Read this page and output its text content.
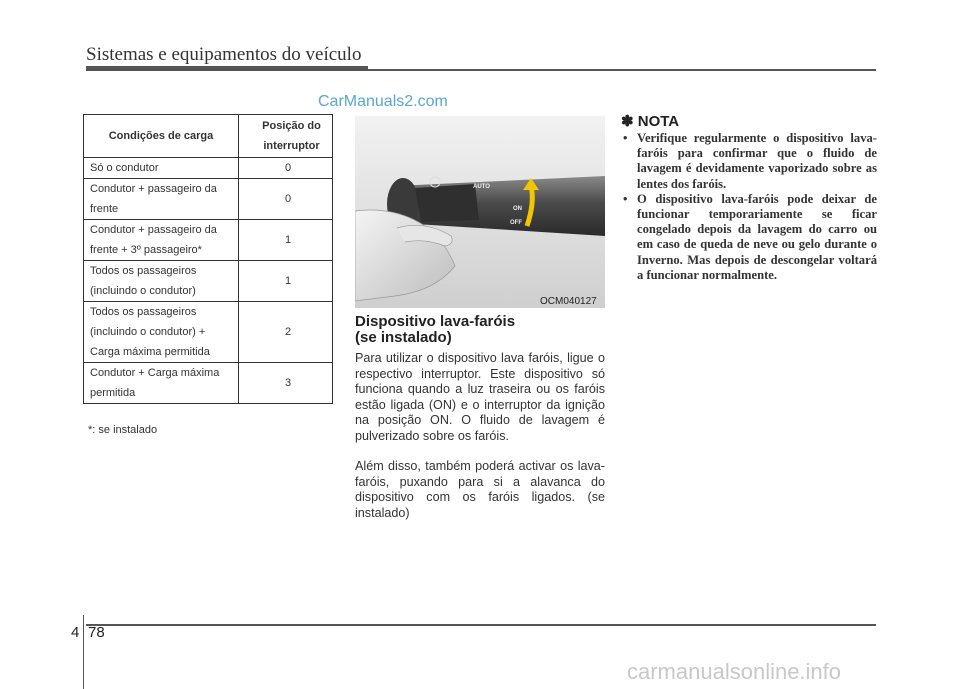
Sistemas e equipamentos do veículo
CarManuals2.com
Condições de carga	Posição do
interruptor

Só o condutor	0

Condutor + passageiro da
frente	0

Condutor + passageiro da
frente + 3º passageiro*	1

Todos os passageiros
(incluindo o condutor)	1

Todos os passageiros
(incluindo o condutor) +
Carga máxima permitida	2

Condutor + Carga máxima
permitida	3
*: se instalado
AUTO
ON
OFF
OCM040127
Dispositivo lava-faróis
(se instalado)
Para utilizar o dispositivo lava faróis, ligue o respectivo interruptor. Este dispositivo só funciona quando a luz traseira ou os faróis estão ligada (ON) e o interruptor da ignição na posição ON. O fluido de lavagem é pulverizado sobre os faróis.
Além disso, também poderá activar os lava-faróis, puxando para si a alavanca do dispositivo com os faróis ligados. (se instalado)
✽ NOTA
• Verifique regularmente o dispositivo lava-faróis para confirmar que o fluido de lavagem é devidamente vaporizado sobre as lentes dos faróis.
• O dispositivo lava-faróis pode deixar de funcionar temporariamente se ficar congelado depois da lavagem do carro ou em caso de queda de neve ou gelo durante o Inverno. Mas depois de descongelar voltará a funcionar normalmente.
4 78
carmanualsonline.info
